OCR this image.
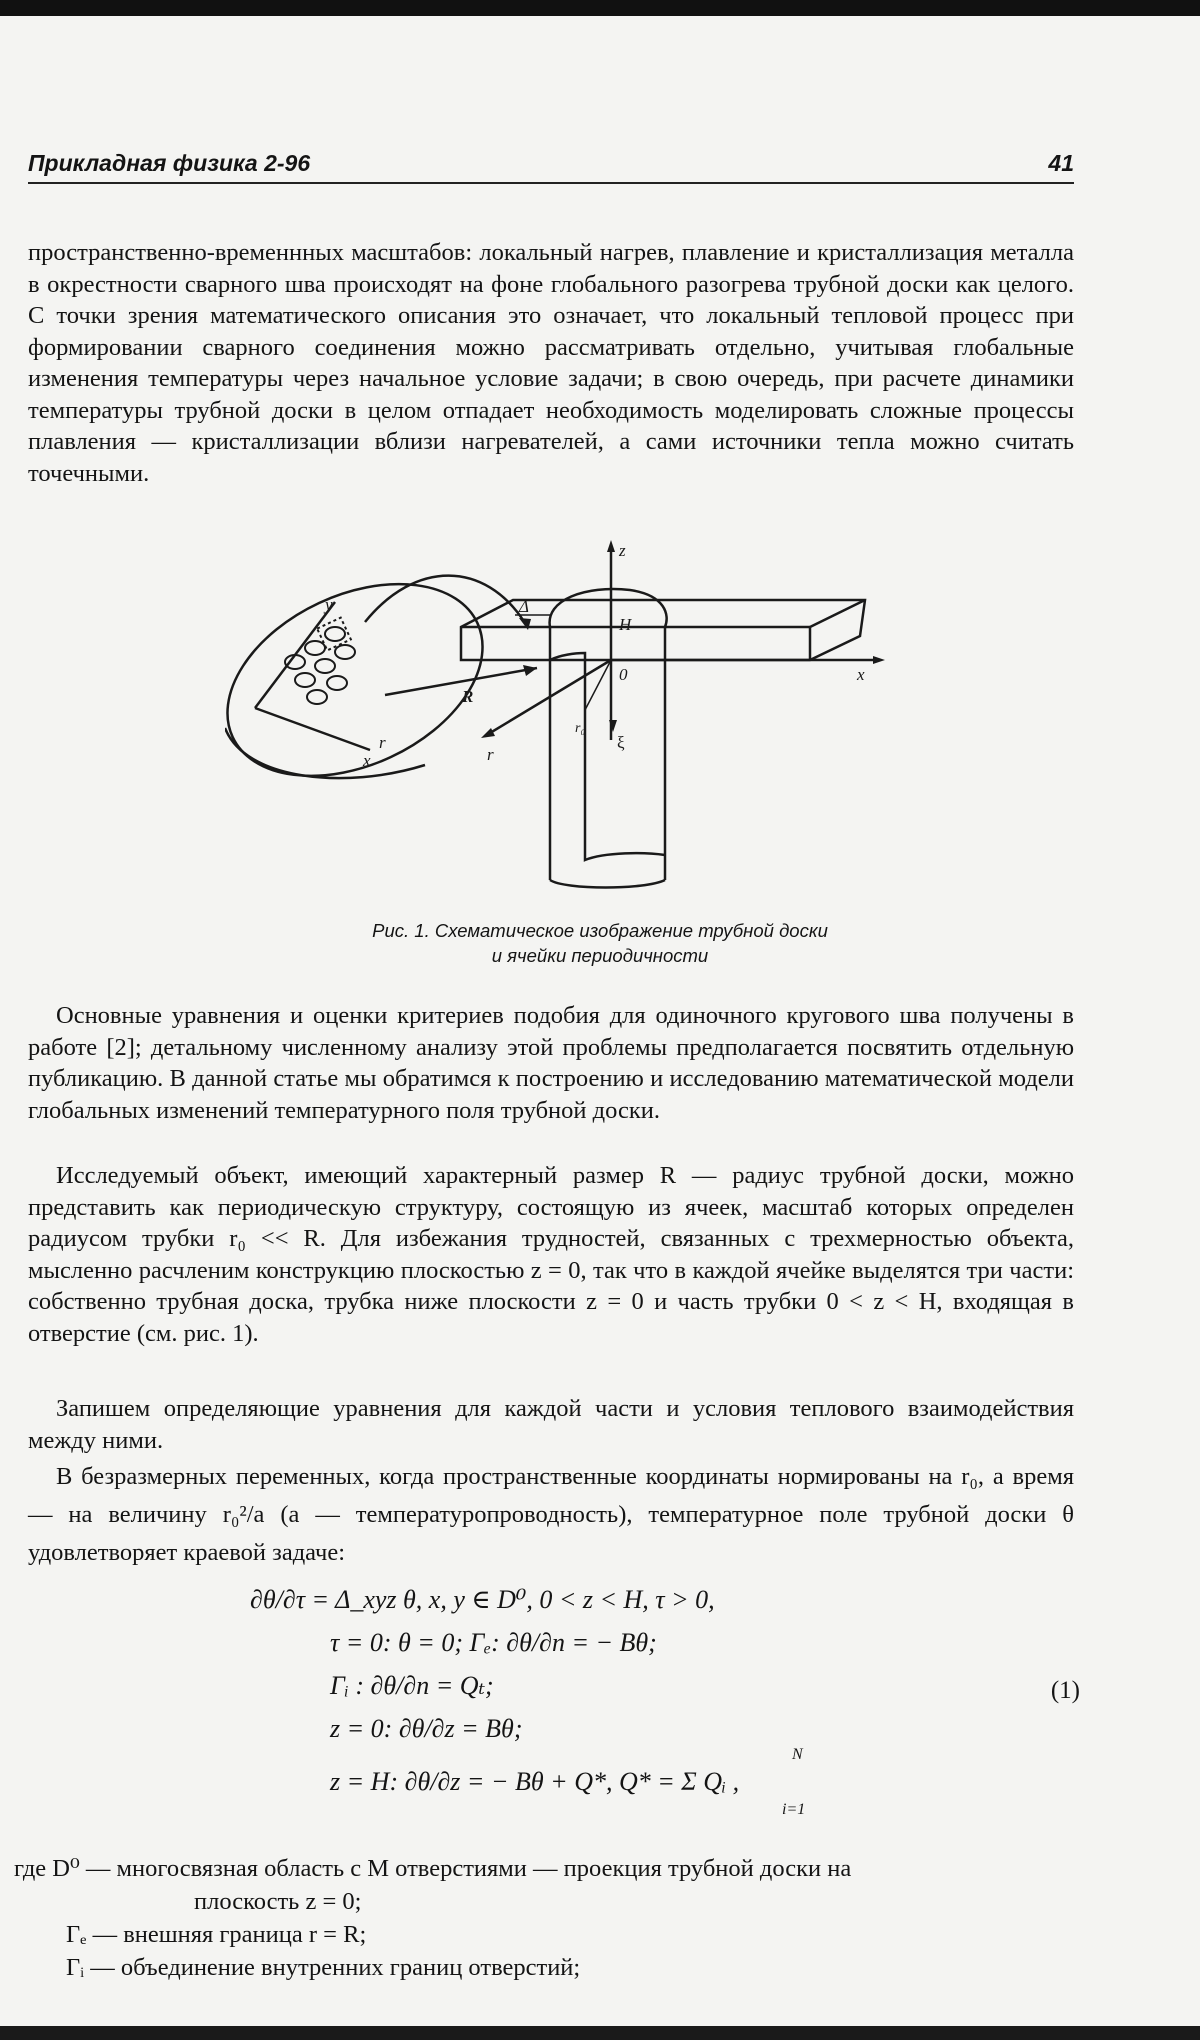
Прикладная физика 2-96	41

пространственно-временнных масштабов: локальный нагрев, плавление и кристаллизация металла в окрестности сварного шва происходят на фоне глобального разогрева трубной доски как целого. С точки зрения математического описания это означает, что локальный тепловой процесс при формировании сварного соединения можно рассматривать отдельно, учитывая глобальные изменения температуры через начальное условие задачи; в свою очередь, при расчете динамики температуры трубной доски в целом отпадает необходимость моделировать сложные процессы плавления — кристаллизации вблизи нагревателей, а сами источники тепла можно считать точечными.

y
x
r
R
z
Δ
H
0	x
r
r₀
ξ
Рис. 1. Схематическое изображение трубной доски
и ячейки периодичности

Основные уравнения и оценки критериев подобия для одиночного кругового шва получены в работе [2]; детальному численному анализу этой проблемы предполагается посвятить отдельную публикацию. В данной статье мы обратимся к построению и исследованию математической модели глобальных изменений температурного поля трубной доски.

Исследуемый объект, имеющий характерный размер R — радиус трубной доски, можно представить как периодическую структуру, состоящую из ячеек, масштаб которых определен радиусом трубки r₀ << R. Для избежания трудностей, связанных с трехмерностью объекта, мысленно расчленим конструкцию плоскостью z = 0, так что в каждой ячейке выделятся три части: собственно трубная доска, трубка ниже плоскости z = 0 и часть трубки 0 < z < H, входящая в отверстие (см. рис. 1).

Запишем определяющие уравнения для каждой части и условия теплового взаимодействия между ними.

В безразмерных переменных, когда пространственные координаты нормированы на r₀, а время — на величину r₀²/a (a — температуропроводность), температурное поле трубной доски θ удовлетворяет краевой задаче:

∂θ/∂τ = Δ_xyz θ, x, y ∈ D⁰, 0 < z < H, τ > 0,
τ = 0: θ = 0; Γₑ: ∂θ/∂n = − Bθ;
Γᵢ : ∂θ/∂n = Qₜ;
z = 0: ∂θ/∂z = Bθ;
N
z = H: ∂θ/∂z = − Bθ + Q*, Q* = Σ Qᵢ ,
i=1
(1)
где D⁰ — многосвязная область с М отверстиями — проекция трубной доски на
плоскость z = 0;
Γₑ — внешняя граница r = R;
Γᵢ — объединение внутренних границ отверстий;
